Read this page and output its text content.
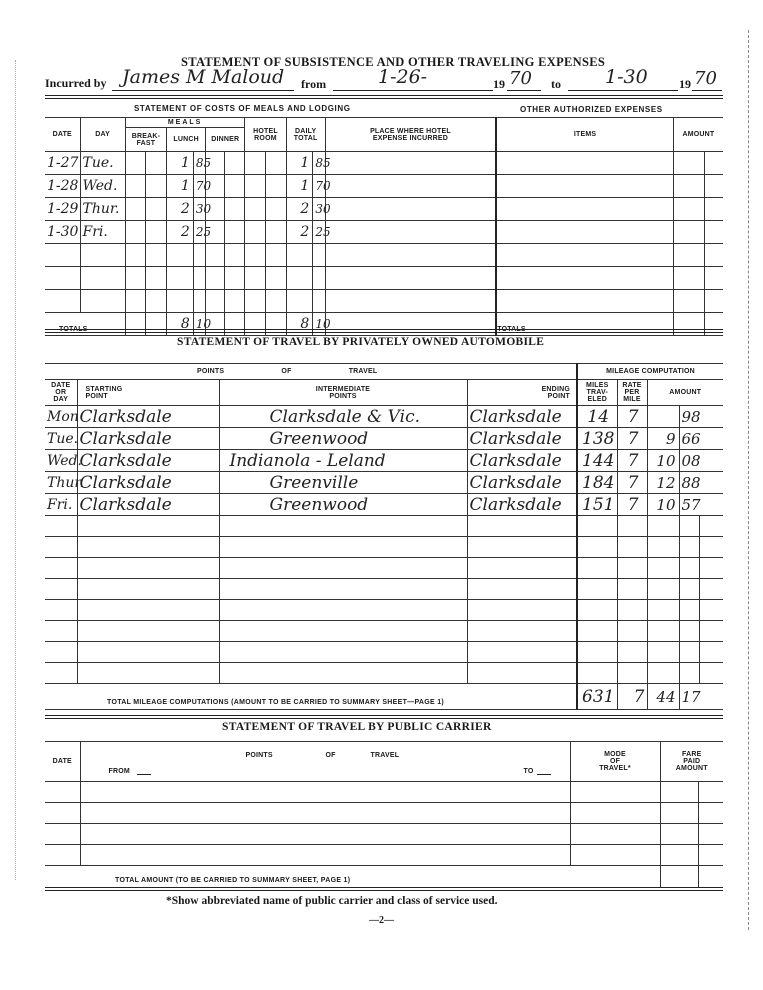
STATEMENT OF SUBSISTENCE AND OTHER TRAVELING EXPENSES
Incurred by James M Maloud from	1-26-	19 70 to 1-30	19 70
STATEMENT OF COSTS OF MEALS AND LODGING	OTHER AUTHORIZED EXPENSES
DATE	DAY	MEALS						HOTEL
ROOM		DAILY
TOTAL		PLACE WHERE HOTEL
EXPENSE INCURRED	ITEMS	AMOUNT	
		BREAK-
FAST		LUNCH		DINNER									
1-27	Tue.			1	85					1	85				
1-28	Wed.			1	70					1	70				
1-29	Thur.			2	30					2	30				
1-30	Fri.			2	25					2	25				

TOTALS				8	10					8	10		TOTALS		
STATEMENT OF TRAVEL BY PRIVATELY OWNED AUTOMOBILE
	POINTS OF TRAVEL			MILEAGE COMPUTATION				
DATE
OR
DAY	STARTING
POINT	INTERMEDIATE
POINTS	ENDING
POINT	MILES
TRAV-
ELED	RATE
PER
MILE	AMOUNT		
Mon	Clarksdale	Clarksdale & Vic.	Clarksdale	14	7		98	
Tue.	Clarksdale	Greenwood	Clarksdale	138	7	9	66	
Wed.	Clarksdale	Indianola - Leland	Clarksdale	144	7	10	08	
Thur.	Clarksdale	Greenville	Clarksdale	184	7	12	88	
Fri.	Clarksdale	Greenwood	Clarksdale	151	7	10	57	

TOTAL MILEAGE COMPUTATIONS (AMOUNT TO BE CARRIED TO SUMMARY SHEET—PAGE 1)				631	7	44	17	
STATEMENT OF TRAVEL BY PUBLIC CARRIER
DATE	POINTS OF TRAVEL
FROM TO	MODE
OF
TRAVEL*	FARE
PAID
AMOUNT	

TOTAL AMOUNT (TO BE CARRIED TO SUMMARY SHEET, PAGE 1)				
*Show abbreviated name of public carrier and class of service used.
—2—
